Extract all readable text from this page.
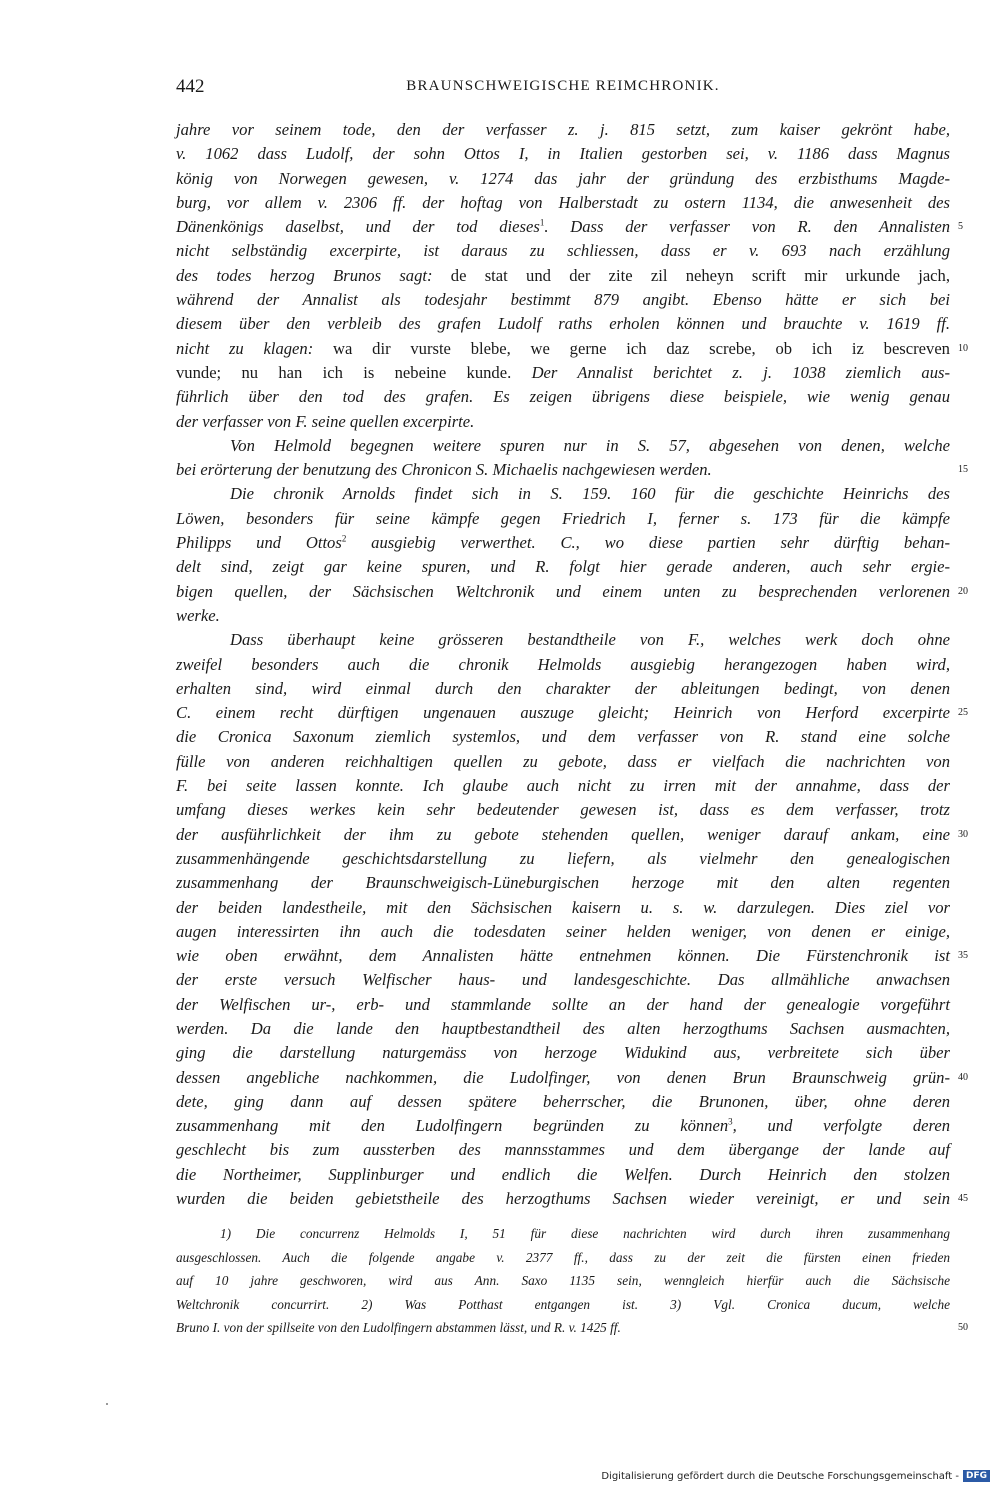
442	BRAUNSCHWEIGISCHE REIMCHRONIK.
jahre vor seinem tode, den der verfasser z. j. 815 setzt, zum kaiser gekrönt habe,
v. 1062 dass Ludolf, der sohn Ottos I, in Italien gestorben sei, v. 1186 dass Magnus
könig von Norwegen gewesen, v. 1274 das jahr der gründung des erzbisthums Magde-
burg, vor allem v. 2306 ff. der hoftag von Halberstadt zu ostern 1134, die anwesenheit des
Dänenkönigs daselbst, und der tod dieses$^1$. Dass der verfasser von R. den Annalisten 5
nicht selbständig excerpirte, ist daraus zu schliessen, dass er v. 693 nach erzählung
des todes herzog Brunos sagt: de stat und der zite zil neheyn scrift mir urkunde jach,
während der Annalist als todesjahr bestimmt 879 angibt. Ebenso hätte er sich bei
diesem über den verbleib des grafen Ludolf raths erholen können und brauchte v. 1619 ff.
nicht zu klagen: wa dir vurste blebe, we gerne ich daz screbe, ob ich iz bescreven 10
vunde; nu han ich is nebeine kunde. Der Annalist berichtet z. j. 1038 ziemlich aus-
führlich über den tod des grafen. Es zeigen übrigens diese beispiele, wie wenig genau
der verfasser von F. seine quellen excerpirte.
Von Helmold begegnen weitere spuren nur in S. 57, abgesehen von denen, welche
bei erörterung der benutzung des Chronicon S. Michaelis nachgewiesen werden.	15
Die chronik Arnolds findet sich in S. 159. 160 für die geschichte Heinrichs des
Löwen, besonders für seine kämpfe gegen Friedrich I, ferner s. 173 für die kämpfe
Philipps und Ottos$^2$ ausgiebig verwerthet. C., wo diese partien sehr dürftig behan-
delt sind, zeigt gar keine spuren, und R. folgt hier gerade anderen, auch sehr ergie-
bigen quellen, der Sächsischen Weltchronik und einem unten zu besprechenden verlorenen 20
werke.
Dass überhaupt keine grösseren bestandtheile von F., welches werk doch ohne
zweifel besonders auch die chronik Helmolds ausgiebig herangezogen haben wird,
erhalten sind, wird einmal durch den charakter der ableitungen bedingt, von denen
C. einem recht dürftigen ungenauen auszuge gleicht; Heinrich von Herford excerpirte 25
die Cronica Saxonum ziemlich systemlos, und dem verfasser von R. stand eine solche
fülle von anderen reichhaltigen quellen zu gebote, dass er vielfach die nachrichten von
F. bei seite lassen konnte. Ich glaube auch nicht zu irren mit der annahme, dass der
umfang dieses werkes kein sehr bedeutender gewesen ist, dass es dem verfasser, trotz
der ausführlichkeit der ihm zu gebote stehenden quellen, weniger darauf ankam, eine 30
zusammenhängende geschichtsdarstellung zu liefern, als vielmehr den genealogischen
zusammenhang der Braunschweigisch-Lüneburgischen herzoge mit den alten regenten
der beiden landestheile, mit den Sächsischen kaisern u. s. w. darzulegen. Dies ziel vor
augen interessirten ihn auch die todesdaten seiner helden weniger, von denen er einige,
wie oben erwähnt, dem Annalisten hätte entnehmen können. Die Fürstenchronik ist 35
der erste versuch Welfischer haus- und landesgeschichte. Das allmähliche anwachsen
der Welfischen ur-, erb- und stammlande sollte an der hand der genealogie vorgeführt
werden. Da die lande den hauptbestandtheil des alten herzogthums Sachsen ausmachten,
ging die darstellung naturgemäss von herzoge Widukind aus, verbreitete sich über
dessen angebliche nachkommen, die Ludolfinger, von denen Brun Braunschweig grün- 40
dete, ging dann auf dessen spätere beherrscher, die Brunonen, über, ohne deren
zusammenhang mit den Ludolfingern begründen zu können$^3$, und verfolgte deren
geschlecht bis zum aussterben des mannsstammes und dem übergange der lande auf
die Northeimer, Supplinburger und endlich die Welfen. Durch Heinrich den stolzen
wurden die beiden gebietstheile des herzogthums Sachsen wieder vereinigt, er und sein 45
1) Die concurrenz Helmolds I, 51 für diese nachrichten wird durch ihren zusammenhang
ausgeschlossen. Auch die folgende angabe v. 2377 ff., dass zu der zeit die fürsten einen frieden
auf 10 jahre geschworen, wird aus Ann. Saxo 1135 sein, wenngleich hierfür auch die Sächsische
Weltchronik concurrirt. 2) Was Potthast entgangen ist. 3) Vgl. Cronica ducum, welche
Bruno I. von der spillseite von den Ludolfingern abstammen lässt, und R. v. 1425 ff.	50
Digitalisierung gefördert durch die Deutsche Forschungsgemeinschaft - DFG
